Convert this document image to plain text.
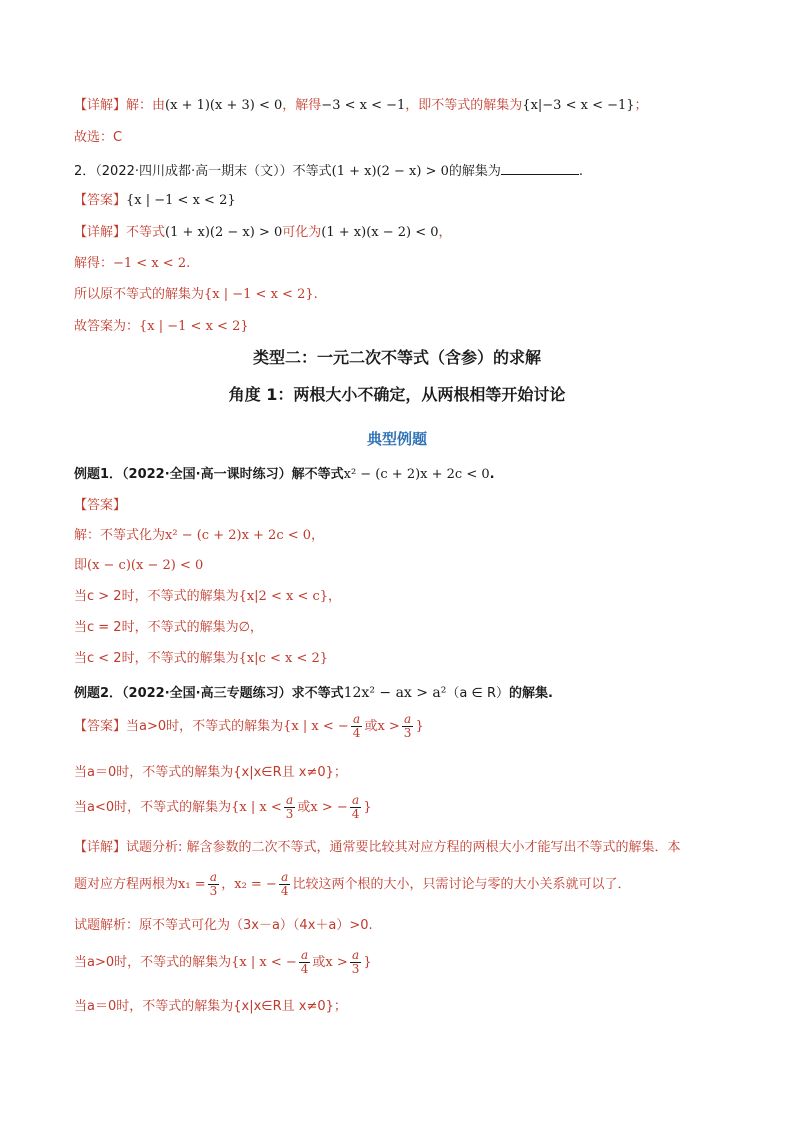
【详解】解：由(x + 1)(x + 3) < 0，解得−3 < x < −1，即不等式的解集为{x|−3 < x < −1}；
故选：C
2．（2022·四川成都·高一期末（文））不等式(1 + x)(2 − x) > 0的解集为	.
【答案】{x | −1 < x < 2}
【详解】不等式(1 + x)(2 − x) > 0可化为(1 + x)(x − 2) < 0，
解得：−1 < x < 2.
所以原不等式的解集为{x | −1 < x < 2}.
故答案为：{x | −1 < x < 2}
类型二：一元二次不等式（含参）的求解
角度 1：两根大小不确定，从两根相等开始讨论
典型例题
例题1．（2022·全国·高一课时练习）解不等式x² − (c + 2)x + 2c < 0.
【答案】
解：不等式化为x² − (c + 2)x + 2c < 0，
即(x − c)(x − 2) < 0
当c > 2时，不等式的解集为{x|2 < x < c}，
当c = 2时，不等式的解集为∅，
当c < 2时，不等式的解集为{x|c < x < 2}
例题2．（2022·全国·高三专题练习）求不等式12x² − ax > a²（a ∈ R）的解集.
【答案】当a>0时，不等式的解集为{x | x < − $\frac{a}{4}$ 或$x > \frac{a}{3}$ }
当a＝0时，不等式的解集为{x|x∈R且 x≠0}；
当a<0时，不等式的解集为{x | $x < \frac{a}{3}$ 或x > − $\frac{a}{4}$ }
【详解】试题分析: 解含参数的二次不等式，通常要比较其对应方程的两根大小才能写出不等式的解集．本
题对应方程两根为$x_1 = \frac{a}{3}$ ，x₂ = − $\frac{a}{4}$ 比较这两个根的大小，只需讨论与零的大小关系就可以了．
试题解析：原不等式可化为（3x－a）（4x＋a）>0.
当a>0时，不等式的解集为{x | x < − $\frac{a}{4}$ 或$x > \frac{a}{3}$ }
当a＝0时，不等式的解集为{x|x∈R且 x≠0}；
